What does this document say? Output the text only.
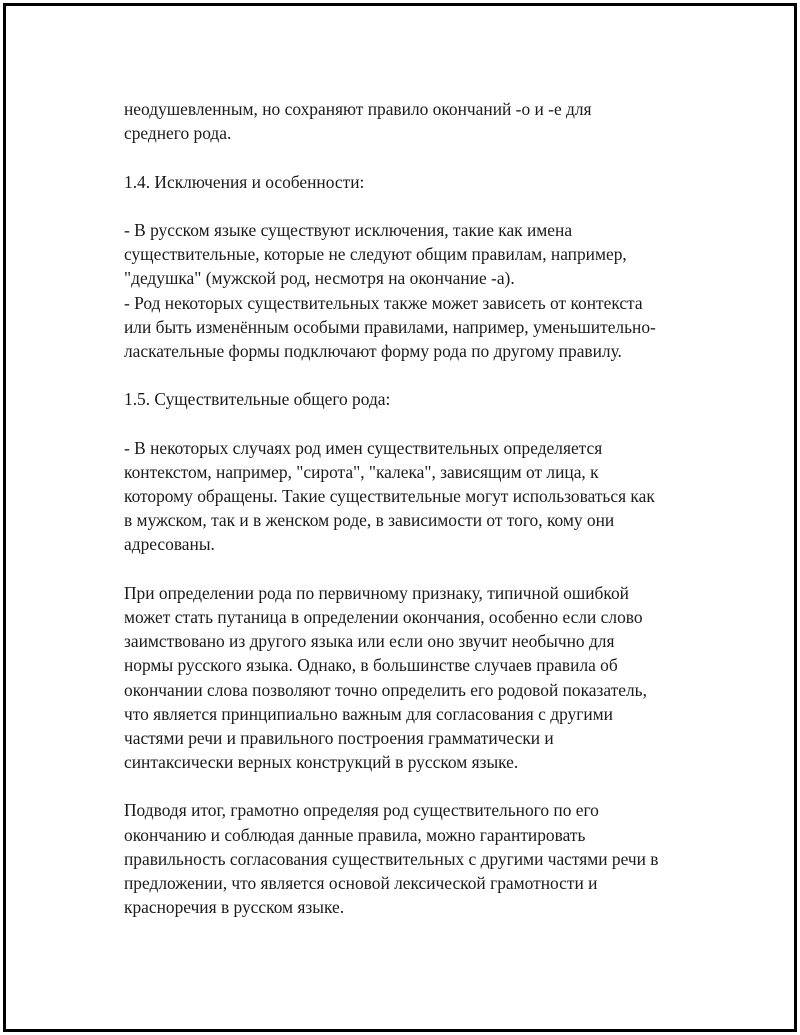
неодушевленным, но сохраняют правило окончаний -о и -е для
среднего рода.
1.4. Исключения и особенности:
- В русском языке существуют исключения, такие как имена
существительные, которые не следуют общим правилам, например,
"дедушка" (мужской род, несмотря на окончание -а).
- Род некоторых существительных также может зависеть от контекста
или быть изменённым особыми правилами, например, уменьшительно-
ласкательные формы подключают форму рода по другому правилу.
1.5. Существительные общего рода:
- В некоторых случаях род имен существительных определяется
контекстом, например, "сирота", "калека", зависящим от лица, к
которому обращены. Такие существительные могут использоваться как
в мужском, так и в женском роде, в зависимости от того, кому они
адресованы.
При определении рода по первичному признаку, типичной ошибкой
может стать путаница в определении окончания, особенно если слово
заимствовано из другого языка или если оно звучит необычно для
нормы русского языка. Однако, в большинстве случаев правила об
окончании слова позволяют точно определить его родовой показатель,
что является принципиально важным для согласования с другими
частями речи и правильного построения грамматически и
синтаксически верных конструкций в русском языке.
Подводя итог, грамотно определяя род существительного по его
окончанию и соблюдая данные правила, можно гарантировать
правильность согласования существительных с другими частями речи в
предложении, что является основой лексической грамотности и
красноречия в русском языке.
